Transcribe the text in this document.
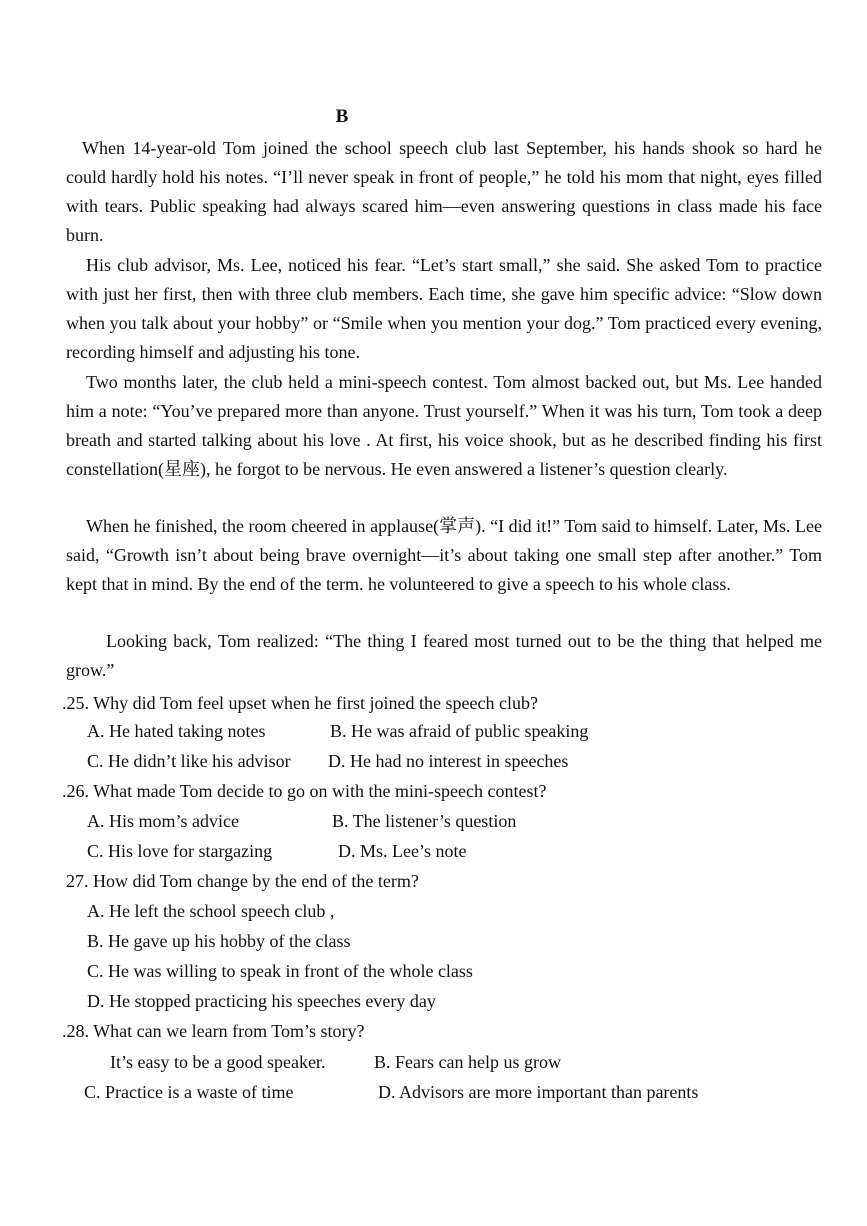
B

When 14-year-old Tom joined the school speech club last September, his hands shook so hard he could hardly hold his notes. “I’ll never speak in front of people,” he told his mom that night, eyes filled with tears. Public speaking had always scared him—even answering questions in class made his face burn.

His club advisor, Ms. Lee, noticed his fear. “Let’s start small,” she said. She asked Tom to practice with just her first, then with three club members. Each time, she gave him specific advice: “Slow down when you talk about your hobby” or “Smile when you mention your dog.” Tom practiced every evening, recording himself and adjusting his tone.

Two months later, the club held a mini-speech contest. Tom almost backed out, but Ms. Lee handed him a note: “You’ve prepared more than anyone. Trust yourself.” When it was his turn, Tom took a deep breath and started talking about his love . At first, his voice shook, but as he described finding his first constellation(星座), he forgot to be nervous. He even answered a listener’s question clearly.

When he finished, the room cheered in applause(掌声). “I did it!” Tom said to himself. Later, Ms. Lee said, “Growth isn’t about being brave overnight—it’s about taking one small step after another.” Tom kept that in mind. By the end of the term. he volunteered to give a speech to his whole class.

Looking back, Tom realized: “The thing I feared most turned out to be the thing that helped me grow.”

.25. Why did Tom feel upset when he first joined the speech club?
A. He hated taking notes	B. He was afraid of public speaking
C. He didn’t like his advisor D. He had no interest in speeches
.26. What made Tom decide to go on with the mini-speech contest?
A. His mom’s advice	B. The listener’s question
C. His love for stargazing	D. Ms. Lee’s note
27. How did Tom change by the end of the term?
A. He left the school speech club ,
B. He gave up his hobby of the class
C. He was willing to speak in front of the whole class
D. He stopped practicing his speeches every day
.28. What can we learn from Tom’s story?
It’s easy to be a good speaker.	B. Fears can help us grow
C. Practice is a waste of time	D. Advisors are more important than parents
